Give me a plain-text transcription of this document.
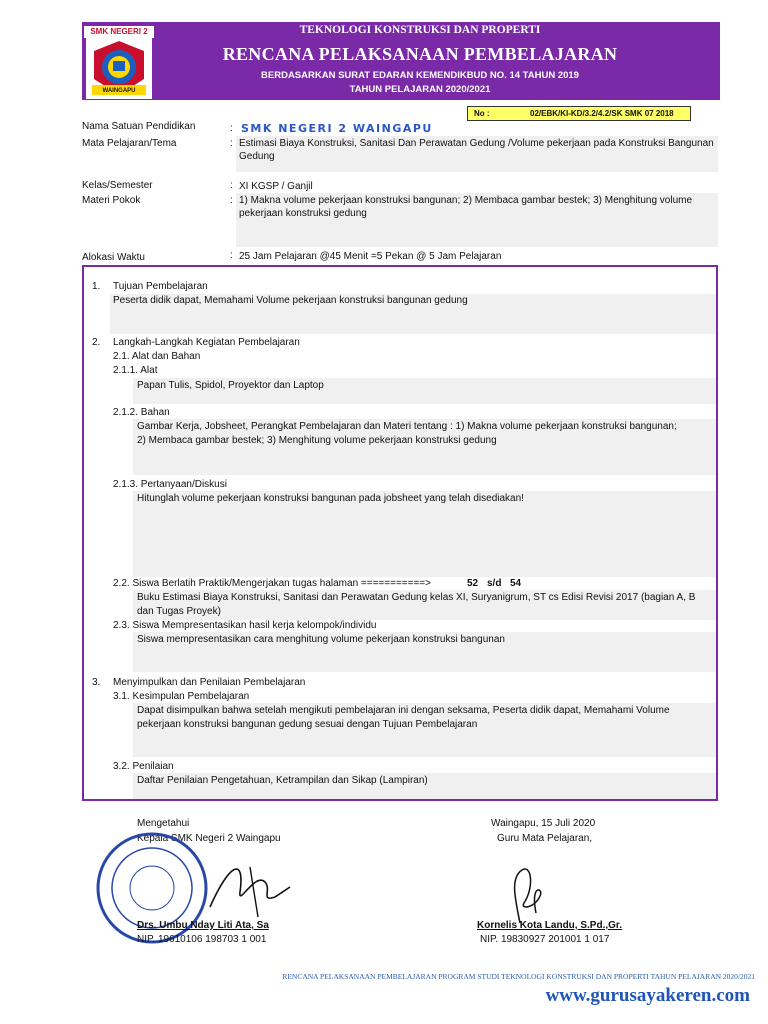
SMK NEGERI 2
WAINGAPU
TEKNOLOGI KONSTRUKSI DAN PROPERTI
RENCANA PELAKSANAAN PEMBELAJARAN
BERDASARKAN SURAT EDARAN KEMENDIKBUD NO. 14 TAHUN 2019
TAHUN PELAJARAN 2020/2021
No :	02/EBK/KI-KD/3.2/4.2/SK SMK 07 2018
Nama Satuan Pendidikan	: SMK NEGERI 2 WAINGAPU
Mata Pelajaran/Tema	: Estimasi Biaya Konstruksi, Sanitasi Dan Perawatan Gedung /Volume pekerjaan pada Konstruksi Bangunan Gedung
Kelas/Semester	: XI KGSP / Ganjil
Materi Pokok	: 1) Makna volume pekerjaan konstruksi bangunan; 2) Membaca gambar bestek; 3) Menghitung volume pekerjaan konstruksi gedung
Alokasi Waktu	: 25 Jam Pelajaran @45 Menit =5 Pekan @ 5 Jam Pelajaran
1. Tujuan Pembelajaran
Peserta didik dapat, Memahami Volume pekerjaan konstruksi bangunan gedung
2. Langkah-Langkah Kegiatan Pembelajaran
2.1. Alat dan Bahan
2.1.1. Alat
Papan Tulis, Spidol, Proyektor dan Laptop
2.1.2. Bahan
Gambar Kerja, Jobsheet, Perangkat Pembelajaran dan Materi tentang : 1) Makna volume pekerjaan konstruksi bangunan;
2) Membaca gambar bestek; 3) Menghitung volume pekerjaan konstruksi gedung
2.1.3. Pertanyaan/Diskusi
Hitunglah volume pekerjaan konstruksi bangunan pada jobsheet yang telah disediakan!
2.2. Siswa Berlatih Praktik/Mengerjakan tugas halaman ===========>	52 s/d 54
Buku Estimasi Biaya Konstruksi, Sanitasi dan Perawatan Gedung kelas XI, Suryanigrum, ST cs Edisi Revisi 2017 (bagian A, B
dan Tugas Proyek)
2.3. Siswa Mempresentasikan hasil kerja kelompok/individu
Siswa mempresentasikan cara menghitung volume pekerjaan konstruksi bangunan
3. Menyimpulkan dan Penilaian Pembelajaran
3.1. Kesimpulan Pembelajaran
Dapat disimpulkan bahwa setelah mengikuti pembelajaran ini dengan seksama, Peserta didik dapat, Memahami Volume
pekerjaan konstruksi bangunan gedung sesuai dengan Tujuan Pembelajaran
3.2. Penilaian
Daftar Penilaian Pengetahuan, Ketrampilan dan Sikap (Lampiran)
Mengetahui
Kepala SMK Negeri 2 Waingapu
Drs. Umbu Nday Liti Ata, Sa
NIP. 19610106 198703 1 001
Waingapu, 15 Juli 2020
Guru Mata Pelajaran,
Kornelis Kota Landu, S.Pd.,Gr.
NIP. 19830927 201001 1 017
RENCANA PELAKSANAAN PEMBELAJARAN PROGRAM STUDI TEKNOLOGI KONSTRUKSI DAN PROPERTI TAHUN PELAJARAN 2020/2021
www.gurusayakeren.com
